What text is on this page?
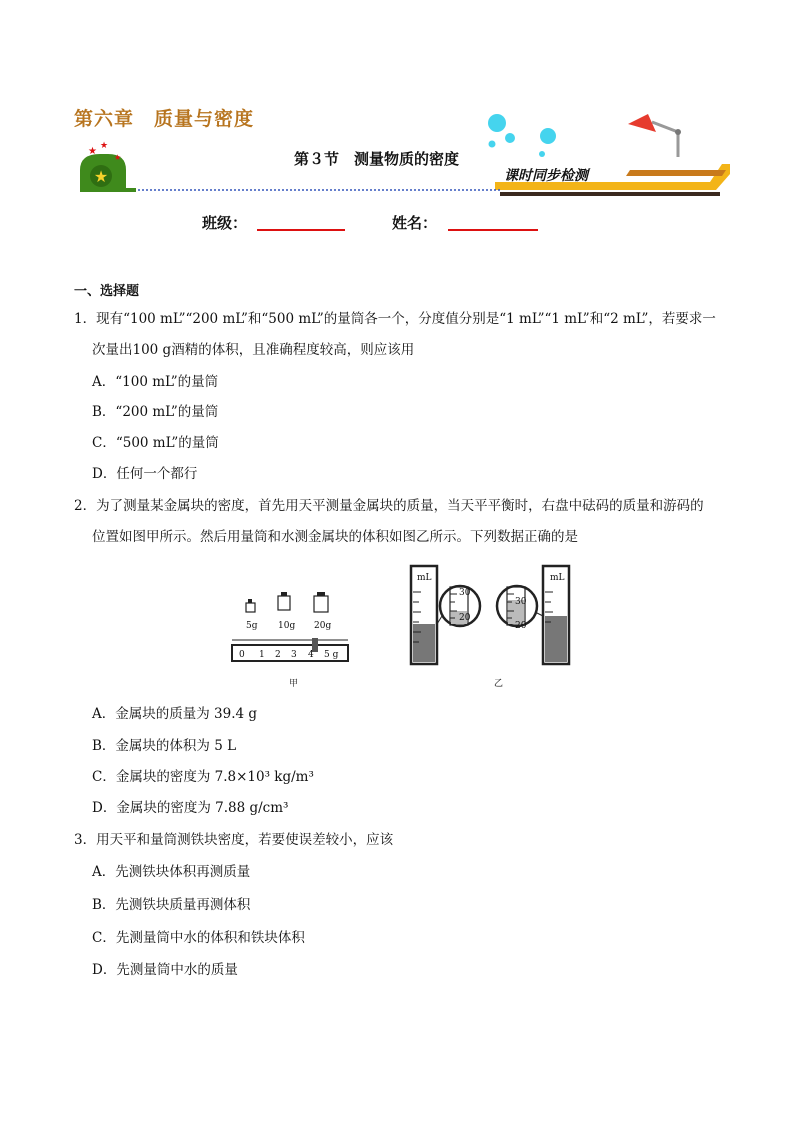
第六章　质量与密度
★
★ ★
★	第３节　测量物质的密度
课时同步检测
班级：	姓名：
一、选择题
1．现有“100 mL”“200 mL”和“500 mL”的量筒各一个，分度值分别是“1 mL”“1 mL”和“2 mL”，若要求一
次量出100 g酒精的体积，且准确程度较高，则应该用
A．“100 mL”的量筒
B．“200 mL”的量筒
C．“500 mL”的量筒
D．任何一个都行
2．为了测量某金属块的密度，首先用天平测量金属块的质量，当天平平衡时，右盘中砝码的质量和游码的
位置如图甲所示。然后用量筒和水测金属块的体积如图乙所示。下列数据正确的是
5g 10g 20g
0 1 2 3 4 5 g
甲
mL	mL
30
20
30
20
乙
A．金属块的质量为 39.4 g
B．金属块的体积为 5 L
C．金属块的密度为 7.8×10³ kg/m³
D．金属块的密度为 7.88 g/cm³
3．用天平和量筒测铁块密度，若要使误差较小，应该
A．先测铁块体积再测质量
B．先测铁块质量再测体积
C．先测量筒中水的体积和铁块体积
D．先测量筒中水的质量
